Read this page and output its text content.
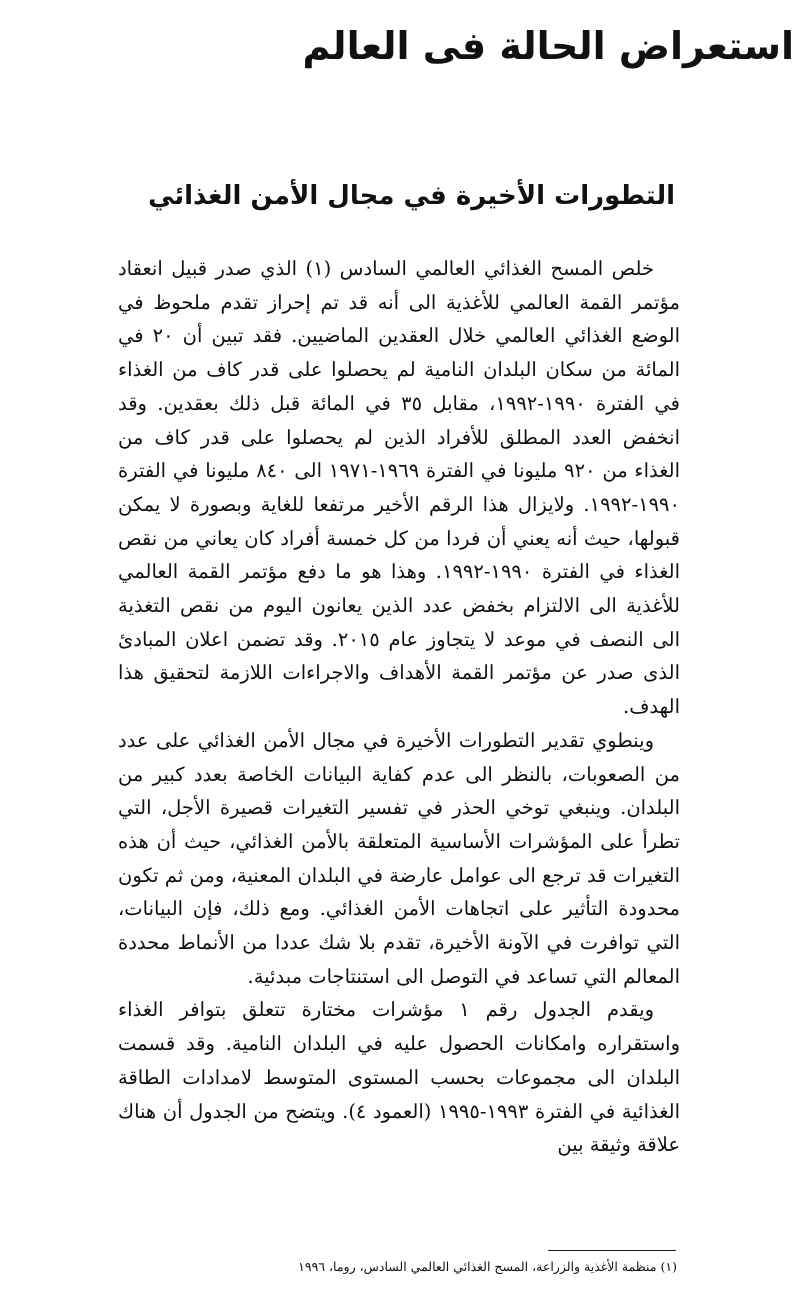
استعراض الحالة فى العالم
التطورات الأخيرة في مجال الأمن الغذائي

خلص المسح الغذائي العالمي السادس (١) الذي صدر قبيل انعقاد مؤتمر القمة العالمي للأغذية الى أنه قد تم إحراز تقدم ملحوظ في الوضع الغذائي العالمي خلال العقدين الماضيين. فقد تبين أن ٢٠ في المائة من سكان البلدان النامية لم يحصلوا على قدر كاف من الغذاء في الفترة ١٩٩٠-١٩٩٢، مقابل ٣٥ في المائة قبل ذلك بعقدين. وقد انخفض العدد المطلق للأفراد الذين لم يحصلوا على قدر كاف من الغذاء من ٩٢٠ مليونا في الفترة ١٩٦٩-١٩٧١ الى ٨٤٠ مليونا في الفترة ١٩٩٠-١٩٩٢. ولايزال هذا الرقم الأخير مرتفعا للغاية وبصورة لا يمكن قبولها، حيث أنه يعني أن فردا من كل خمسة أفراد كان يعاني من نقص الغذاء في الفترة ١٩٩٠-١٩٩٢. وهذا هو ما دفع مؤتمر القمة العالمي للأغذية الى الالتزام بخفض عدد الذين يعانون اليوم من نقص التغذية الى النصف في موعد لا يتجاوز عام ٢٠١٥. وقد تضمن اعلان المبادئ الذى صدر عن مؤتمر القمة الأهداف والاجراءات اللازمة لتحقيق هذا الهدف.

وينطوي تقدير التطورات الأخيرة في مجال الأمن الغذائي على عدد من الصعوبات، بالنظر الى عدم كفاية البيانات الخاصة بعدد كبير من البلدان. وينبغي توخي الحذر في تفسير التغيرات قصيرة الأجل، التي تطرأ على المؤشرات الأساسية المتعلقة بالأمن الغذائي، حيث أن هذه التغيرات قد ترجع الى عوامل عارضة في البلدان المعنية، ومن ثم تكون محدودة التأثير على اتجاهات الأمن الغذائي. ومع ذلك، فإن البيانات، التي توافرت في الآونة الأخيرة، تقدم بلا شك عددا من الأنماط محددة المعالم التي تساعد في التوصل الى استنتاجات مبدئية.

ويقدم الجدول رقم ١ مؤشرات مختارة تتعلق بتوافر الغذاء واستقراره وامكانات الحصول عليه في البلدان النامية. وقد قسمت البلدان الى مجموعات بحسب المستوى المتوسط لامدادات الطاقة الغذائية في الفترة ١٩٩٣-١٩٩٥ (العمود ٤). ويتضح من الجدول أن هناك علاقة وثيقة بين

(١) منظمة الأغذية والزراعة، المسح الغذائي العالمي السادس، روما، ١٩٩٦
